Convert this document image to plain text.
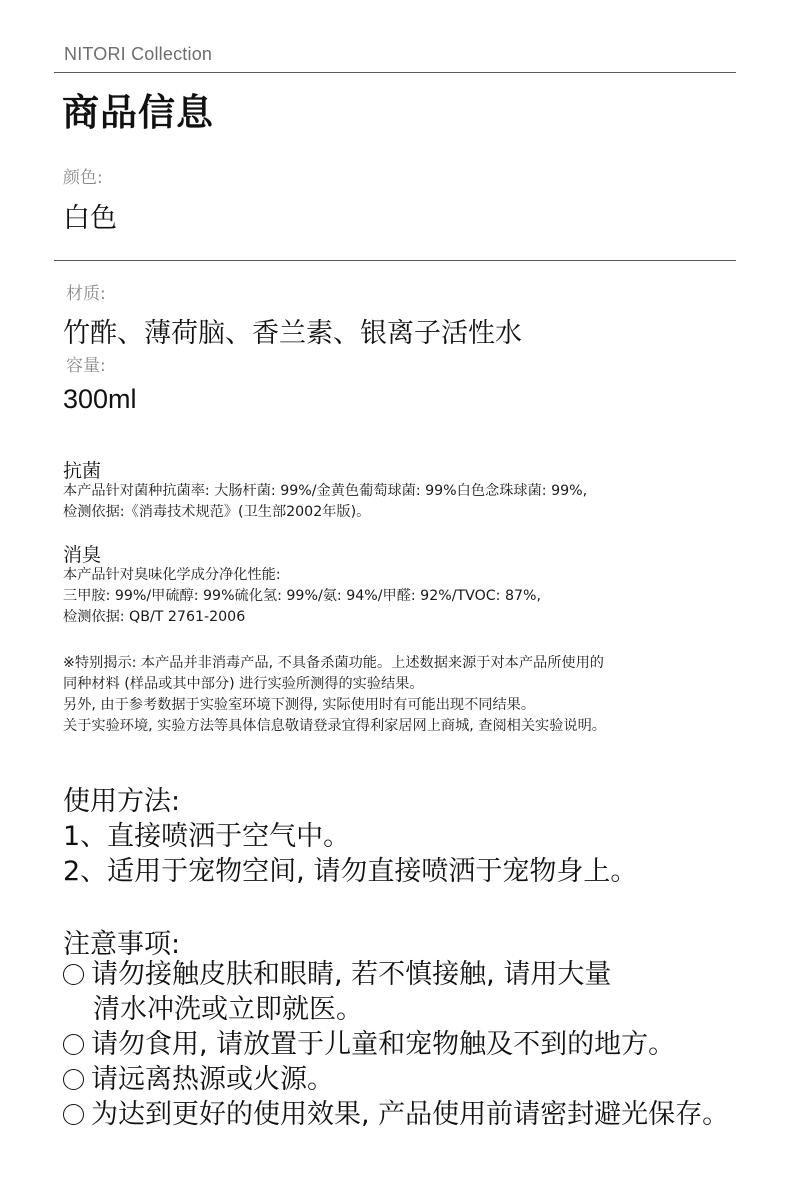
NITORI Collection
商品信息
颜色:
白色
材质:
竹酢、薄荷脑、香兰素、银离子活性水
容量:
300ml
抗菌
本产品针对菌种抗菌率: 大肠杆菌: 99%/金黄色葡萄球菌: 99%白色念珠球菌: 99%,
检测依据:《消毒技术规范》(卫生部2002年版)。
消臭
本产品针对臭味化学成分净化性能:
三甲胺: 99%/甲硫醇: 99%硫化氢: 99%/氨: 94%/甲醛: 92%/TVOC: 87%,
检测依据: QB/T 2761-2006
※特别揭示: 本产品并非消毒产品, 不具备杀菌功能。上述数据来源于对本产品所使用的
同种材料 (样品或其中部分) 进行实验所测得的实验结果。
另外, 由于参考数据于实验室环境下测得, 实际使用时有可能出现不同结果。
关于实验环境, 实验方法等具体信息敬请登录宜得利家居网上商城, 查阅相关实验说明。
使用方法:
1、直接喷洒于空气中。
2、适用于宠物空间, 请勿直接喷洒于宠物身上。
注意事项:
请勿接触皮肤和眼睛, 若不慎接触, 请用大量
清水冲洗或立即就医。
请勿食用, 请放置于儿童和宠物触及不到的地方。
请远离热源或火源。
为达到更好的使用效果, 产品使用前请密封避光保存。
